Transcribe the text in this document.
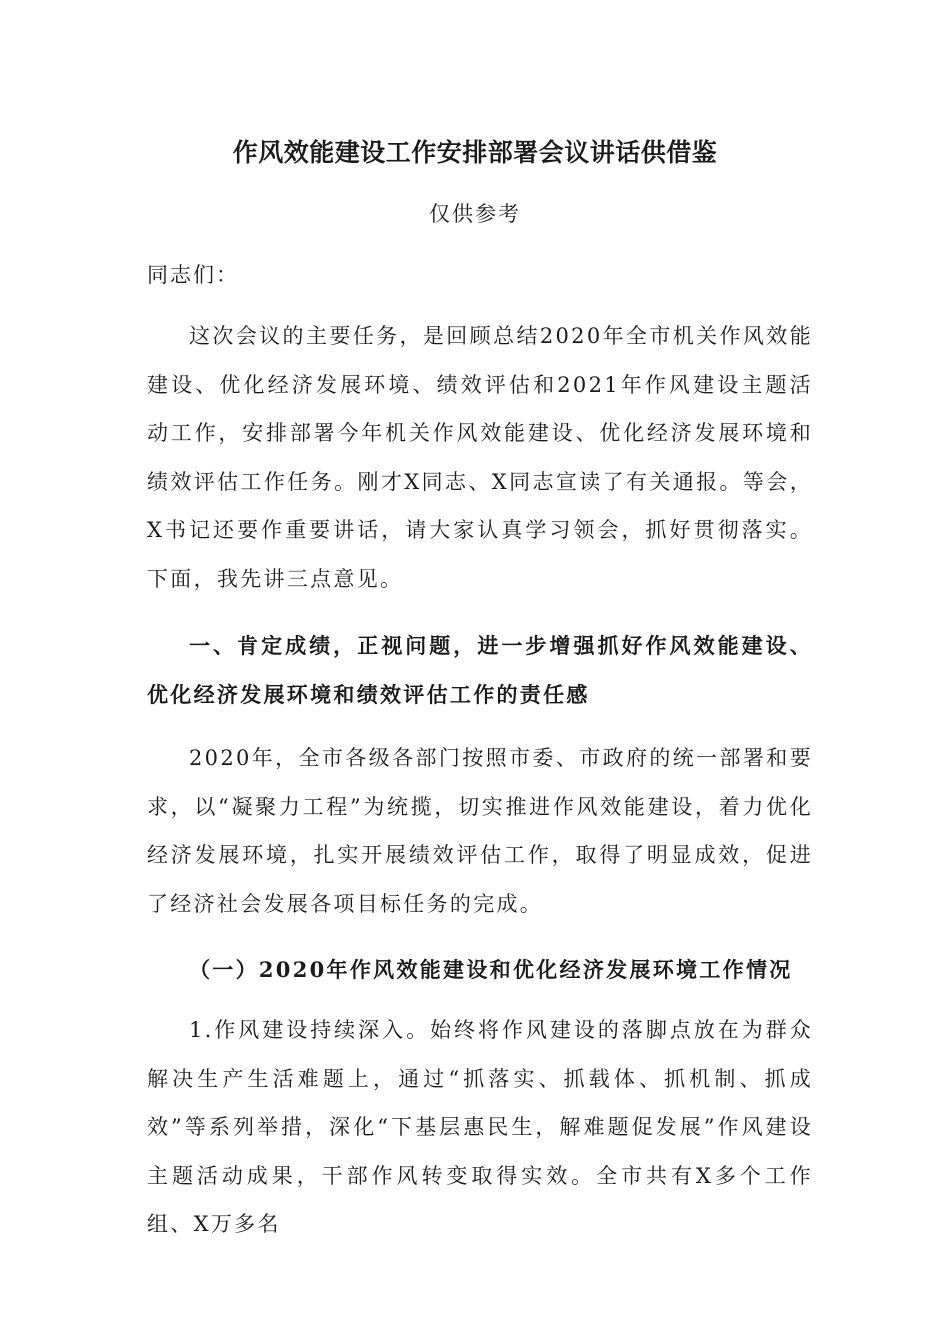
作风效能建设工作安排部署会议讲话供借鉴
仅供参考
同志们：

这次会议的主要任务，是回顾总结2020年全市机关作风效能建设、优化经济发展环境、绩效评估和2021年作风建设主题活动工作，安排部署今年机关作风效能建设、优化经济发展环境和绩效评估工作任务。刚才X同志、X同志宣读了有关通报。等会，X书记还要作重要讲话，请大家认真学习领会，抓好贯彻落实。下面，我先讲三点意见。

一、肯定成绩，正视问题，进一步增强抓好作风效能建设、优化经济发展环境和绩效评估工作的责任感

2020年，全市各级各部门按照市委、市政府的统一部署和要求，以“凝聚力工程”为统揽，切实推进作风效能建设，着力优化经济发展环境，扎实开展绩效评估工作，取得了明显成效，促进了经济社会发展各项目标任务的完成。

（一）2020年作风效能建设和优化经济发展环境工作情况

1.作风建设持续深入。始终将作风建设的落脚点放在为群众解决生产生活难题上，通过“抓落实、抓载体、抓机制、抓成效”等系列举措，深化“下基层惠民生，解难题促发展”作风建设主题活动成果，干部作风转变取得实效。全市共有X多个工作组、X万多名
